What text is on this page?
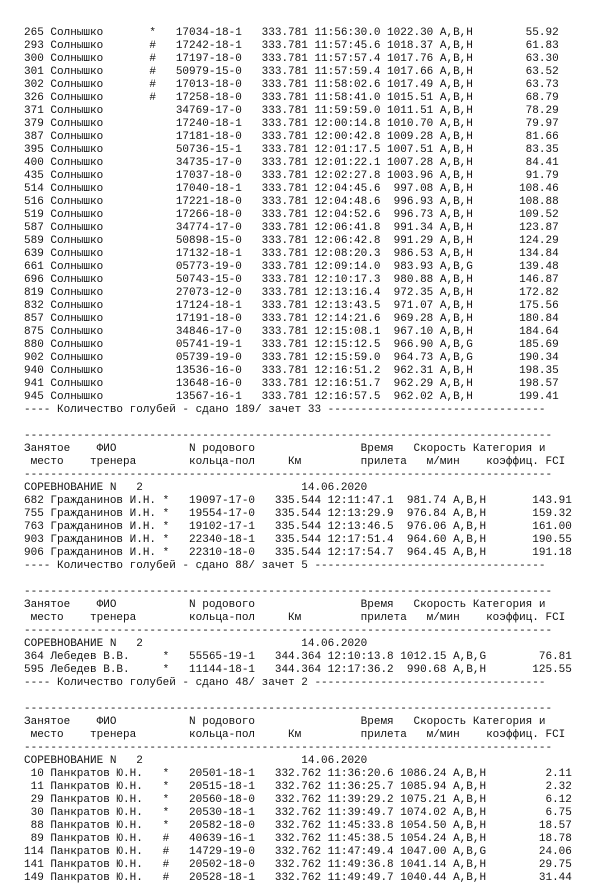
265 Солнышко       *   17034-18-1   333.781 11:56:30.0 1022.30 A,B,H        55.92
293 Солнышко       #   17242-18-1   333.781 11:57:45.6 1018.37 A,B,H        61.83
300 Солнышко       #   17197-18-0   333.781 11:57:57.4 1017.76 A,B,H        63.30
301 Солнышко       #   50979-15-0   333.781 11:57:59.4 1017.66 A,B,H        63.52
302 Солнышко       #   17013-18-0   333.781 11:58:02.6 1017.49 A,B,H        63.73
326 Солнышко       #   17258-18-0   333.781 11:58:41.0 1015.51 A,B,H        68.79
371 Солнышко           34769-17-0   333.781 11:59:59.0 1011.51 A,B,H        78.29
379 Солнышко           17240-18-1   333.781 12:00:14.8 1010.70 A,B,H        79.97
387 Солнышко           17181-18-0   333.781 12:00:42.8 1009.28 A,B,H        81.66
395 Солнышко           50736-15-1   333.781 12:01:17.5 1007.51 A,B,H        83.35
400 Солнышко           34735-17-0   333.781 12:01:22.1 1007.28 A,B,H        84.41
435 Солнышко           17037-18-0   333.781 12:02:27.8 1003.96 A,B,H        91.79
514 Солнышко           17040-18-1   333.781 12:04:45.6  997.08 A,B,H       108.46
516 Солнышко           17221-18-0   333.781 12:04:48.6  996.93 A,B,H       108.88
519 Солнышко           17266-18-0   333.781 12:04:52.6  996.73 A,B,H       109.52
587 Солнышко           34774-17-0   333.781 12:06:41.8  991.34 A,B,H       123.87
589 Солнышко           50898-15-0   333.781 12:06:42.8  991.29 A,B,H       124.29
639 Солнышко           17132-18-1   333.781 12:08:20.3  986.53 A,B,H       134.84
661 Солнышко           05773-19-0   333.781 12:09:14.0  983.93 A,B,G       139.48
696 Солнышко           50743-15-0   333.781 12:10:17.3  980.88 A,B,H       146.87
819 Солнышко           27073-12-0   333.781 12:13:16.4  972.35 A,B,H       172.82
832 Солнышко           17124-18-1   333.781 12:13:43.5  971.07 A,B,H       175.56
857 Солнышко           17191-18-0   333.781 12:14:21.6  969.28 A,B,H       180.84
875 Солнышко           34846-17-0   333.781 12:15:08.1  967.10 A,B,H       184.64
880 Солнышко           05741-19-1   333.781 12:15:12.5  966.90 A,B,G       185.69
902 Солнышко           05739-19-0   333.781 12:15:59.0  964.73 A,B,G       190.34
940 Солнышко           13536-16-0   333.781 12:16:51.2  962.31 A,B,H       198.35
941 Солнышко           13648-16-0   333.781 12:16:51.7  962.29 A,B,H       198.57
945 Солнышко           13567-16-1   333.781 12:16:57.5  962.02 A,B,H       199.41
---- Количество голубей - сдано 189/ зачет 33 ---------------------------------
--------------------------------------------------------------------------------
Занятое    ФИО           N родового                Время   Скорость Категория и
место    тренера        кольца-пол     Км         прилета   м/мин    коэффиц. FCI
--------------------------------------------------------------------------------
СОРЕВНОВАНИЕ N   2                        14.06.2020
682 Гражданинов И.Н. *   19097-17-0   335.544 12:11:47.1  981.74 A,B,H       143.91
755 Гражданинов И.Н. *   19554-17-0   335.544 12:13:29.9  976.84 A,B,H       159.32
763 Гражданинов И.Н. *   19102-17-1   335.544 12:13:46.5  976.06 A,B,H       161.00
903 Гражданинов И.Н. *   22340-18-1   335.544 12:17:51.4  964.60 A,B,H       190.55
906 Гражданинов И.Н. *   22310-18-0   335.544 12:17:54.7  964.45 A,B,H       191.18
---- Количество голубей - сдано 88/ зачет 5 -----------------------------------
--------------------------------------------------------------------------------
Занятое    ФИО           N родового                Время   Скорость Категория и
место    тренера        кольца-пол     Км         прилета   м/мин    коэффиц. FCI
--------------------------------------------------------------------------------
СОРЕВНОВАНИЕ N   2                        14.06.2020
364 Лебедев В.В.     *   55565-19-1   344.364 12:10:13.8 1012.15 A,B,G        76.81
595 Лебедев В.В.     *   11144-18-1   344.364 12:17:36.2  990.68 A,B,H       125.55
---- Количество голубей - сдано 48/ зачет 2 -----------------------------------
--------------------------------------------------------------------------------
Занятое    ФИО           N родового                Время   Скорость Категория и
место    тренера        кольца-пол     Км         прилета   м/мин    коэффиц. FCI
--------------------------------------------------------------------------------
СОРЕВНОВАНИЕ N   2                        14.06.2020
10 Панкратов Ю.Н.   *   20501-18-1   332.762 11:36:20.6 1086.24 A,B,H         2.11
11 Панкратов Ю.Н.   *   20515-18-1   332.762 11:36:25.7 1085.94 A,B,H         2.32
29 Панкратов Ю.Н.   *   20560-18-0   332.762 11:39:29.2 1075.21 A,B,H         6.12
30 Панкратов Ю.Н.   *   20530-18-1   332.762 11:39:49.7 1074.02 A,B,H         6.75
88 Панкратов Ю.Н.   *   20582-18-0   332.762 11:45:33.8 1054.50 A,B,H        18.57
89 Панкратов Ю.Н.   #   40639-16-1   332.762 11:45:38.5 1054.24 A,B,H        18.78
114 Панкратов Ю.Н.   #   14729-19-0   332.762 11:47:49.4 1047.00 A,B,G        24.06
141 Панкратов Ю.Н.   #   20502-18-0   332.762 11:49:36.8 1041.14 A,B,H        29.75
149 Панкратов Ю.Н.   #   20528-18-1   332.762 11:49:49.7 1040.44 A,B,H        31.44
